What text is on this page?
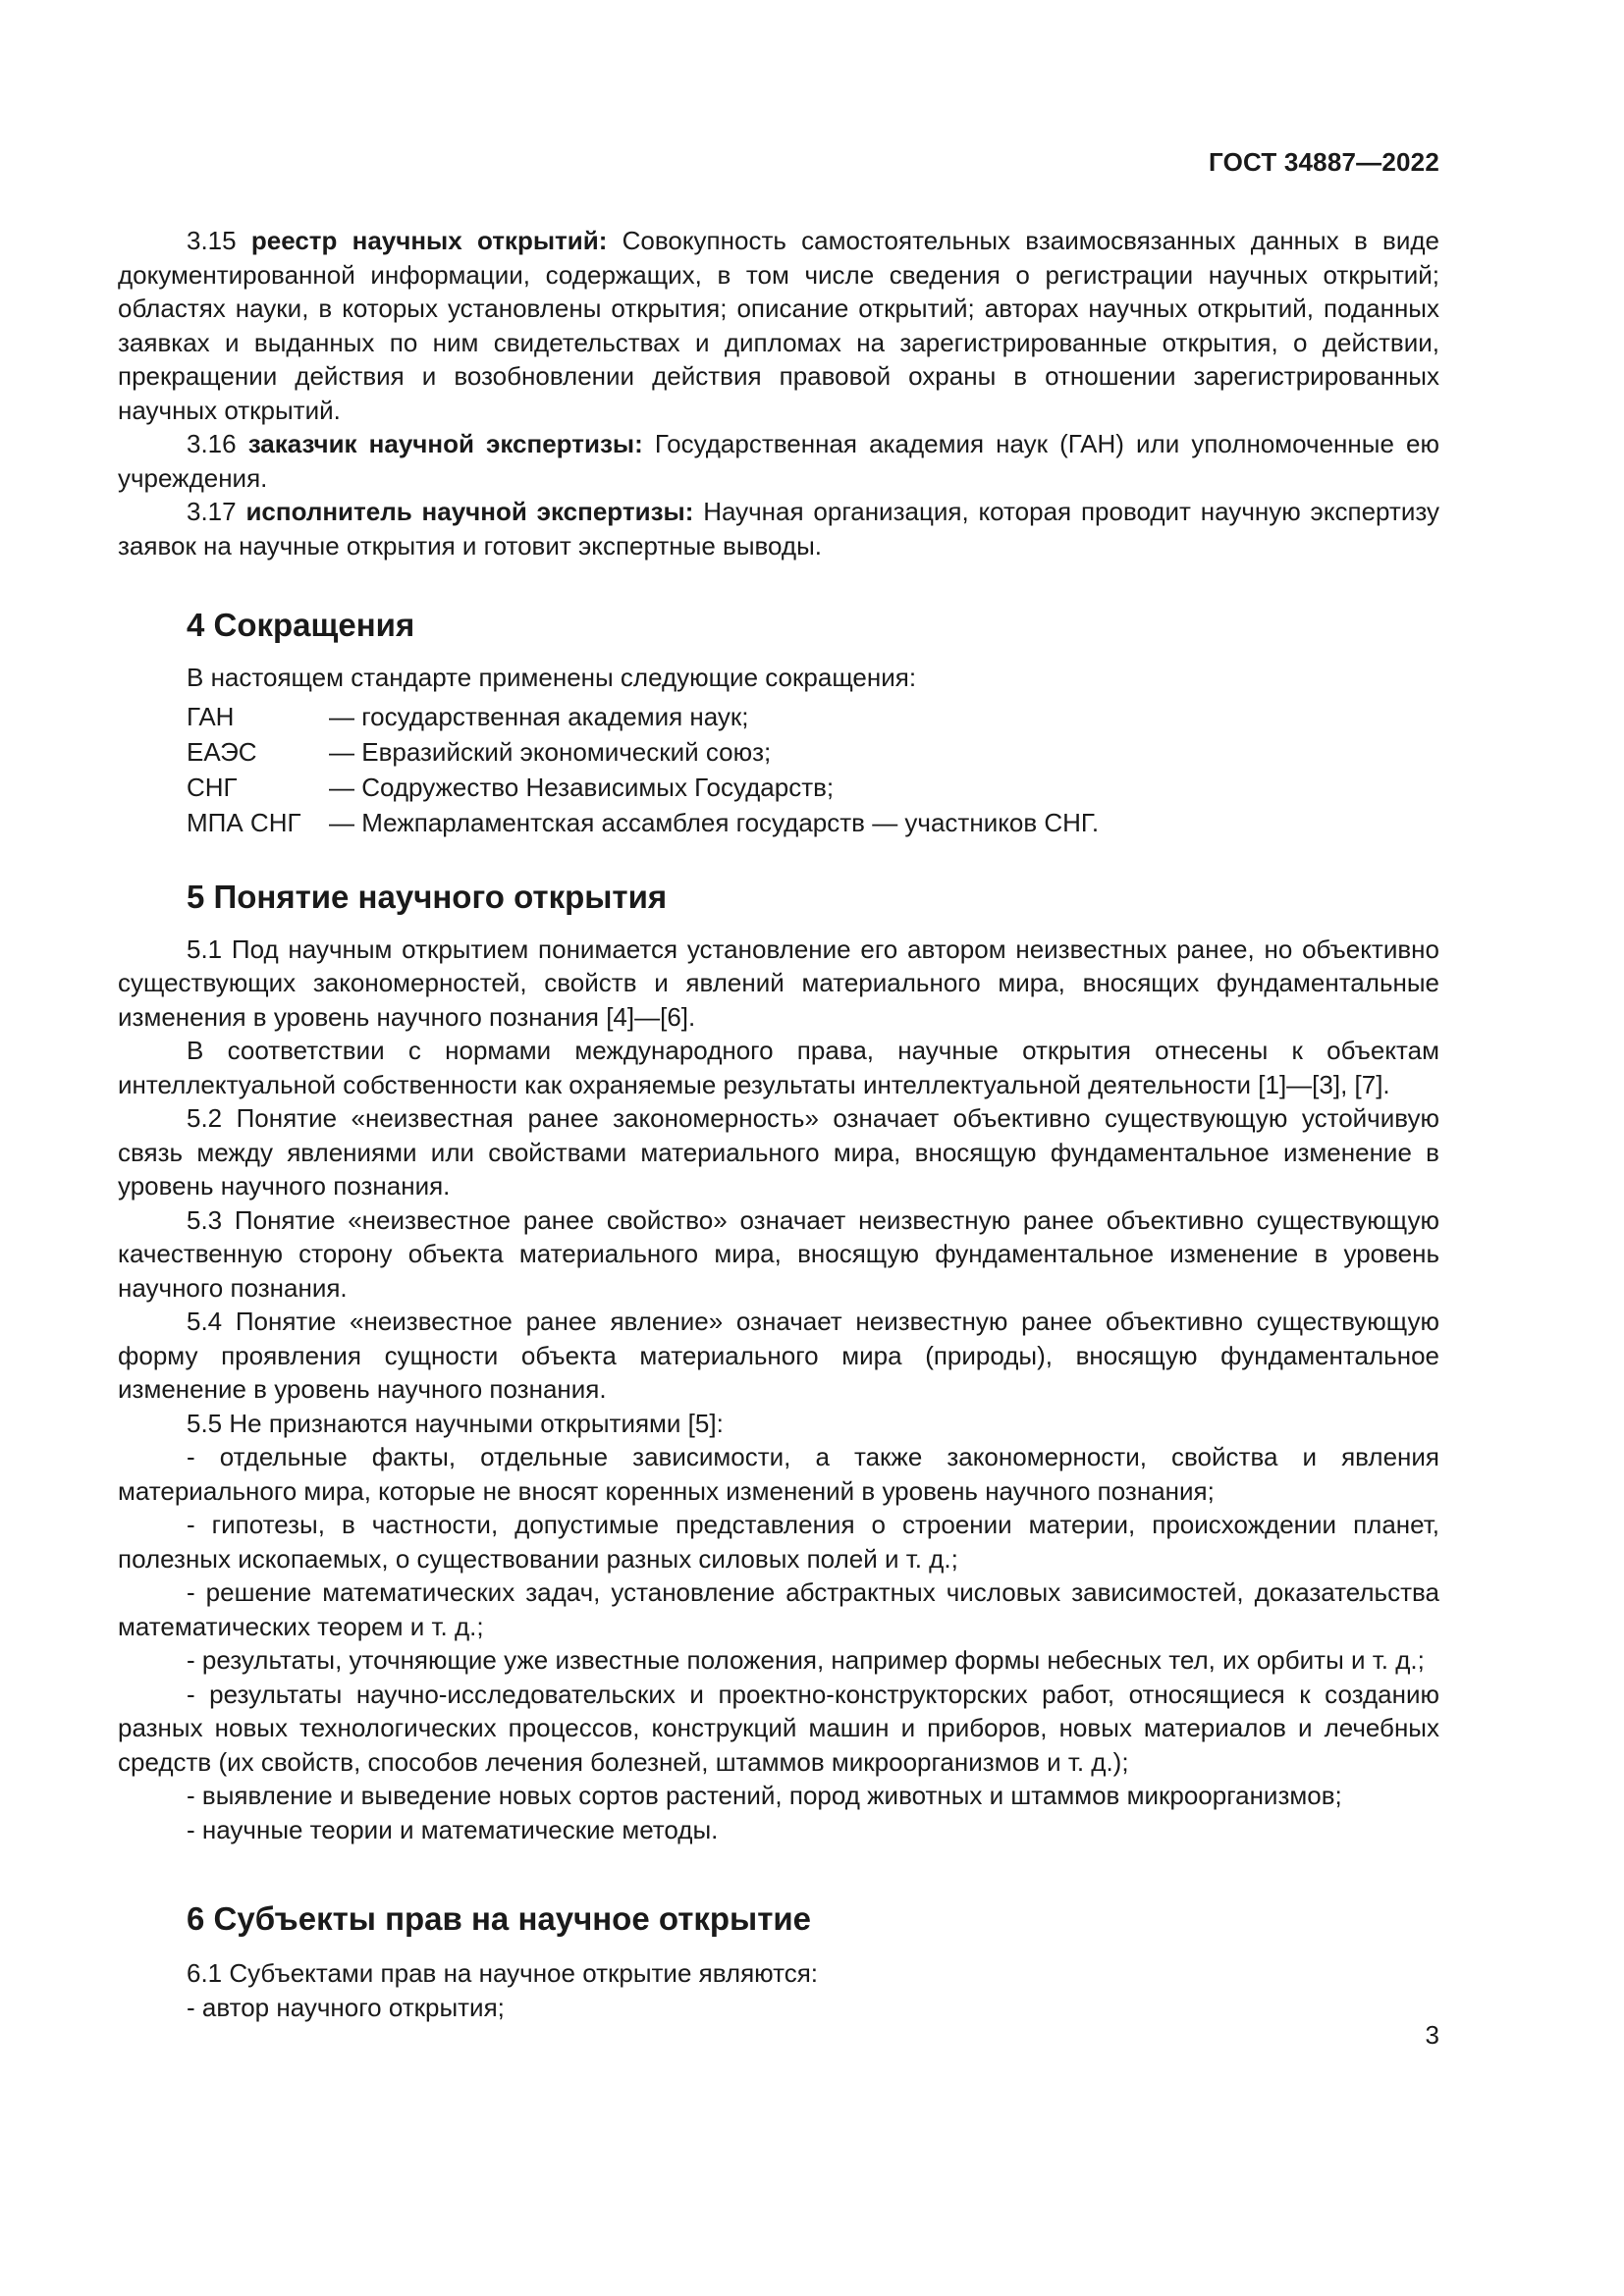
ГОСТ 34887—2022

3.15 реестр научных открытий: Совокупность самостоятельных взаимосвязанных данных в виде документированной информации, содержащих, в том числе сведения о регистрации научных открытий; областях науки, в которых установлены открытия; описание открытий; авторах научных открытий, поданных заявках и выданных по ним свидетельствах и дипломах на зарегистрированные открытия, о действии, прекращении действия и возобновлении действия правовой охраны в отношении зарегистрированных научных открытий.

3.16 заказчик научной экспертизы: Государственная академия наук (ГАН) или уполномоченные ею учреждения.

3.17 исполнитель научной экспертизы: Научная организация, которая проводит научную экспертизу заявок на научные открытия и готовит экспертные выводы.

4 Сокращения

В настоящем стандарте применены следующие сокращения:

ГАН	— государственная академия наук;
ЕАЭС	— Евразийский экономический союз;
СНГ	— Содружество Независимых Государств;
МПА СНГ	— Межпарламентская ассамблея государств — участников СНГ.
5 Понятие научного открытия

5.1 Под научным открытием понимается установление его автором неизвестных ранее, но объективно существующих закономерностей, свойств и явлений материального мира, вносящих фундаментальные изменения в уровень научного познания [4]—[6].

В соответствии с нормами международного права, научные открытия отнесены к объектам интеллектуальной собственности как охраняемые результаты интеллектуальной деятельности [1]—[3], [7].

5.2 Понятие «неизвестная ранее закономерность» означает объективно существующую устойчивую связь между явлениями или свойствами материального мира, вносящую фундаментальное изменение в уровень научного познания.

5.3 Понятие «неизвестное ранее свойство» означает неизвестную ранее объективно существующую качественную сторону объекта материального мира, вносящую фундаментальное изменение в уровень научного познания.

5.4 Понятие «неизвестное ранее явление» означает неизвестную ранее объективно существующую форму проявления сущности объекта материального мира (природы), вносящую фундаментальное изменение в уровень научного познания.

5.5 Не признаются научными открытиями [5]:

- отдельные факты, отдельные зависимости, а также закономерности, свойства и явления материального мира, которые не вносят коренных изменений в уровень научного познания;

- гипотезы, в частности, допустимые представления о строении материи, происхождении планет, полезных ископаемых, о существовании разных силовых полей и т. д.;

- решение математических задач, установление абстрактных числовых зависимостей, доказательства математических теорем и т. д.;

- результаты, уточняющие уже известные положения, например формы небесных тел, их орбиты и т. д.;

- результаты научно-исследовательских и проектно-конструкторских работ, относящиеся к созданию разных новых технологических процессов, конструкций машин и приборов, новых материалов и лечебных средств (их свойств, способов лечения болезней, штаммов микроорганизмов и т. д.);

- выявление и выведение новых сортов растений, пород животных и штаммов микроорганизмов;

- научные теории и математические методы.

6 Субъекты прав на научное открытие

6.1 Субъектами прав на научное открытие являются:

- автор научного открытия;

3
